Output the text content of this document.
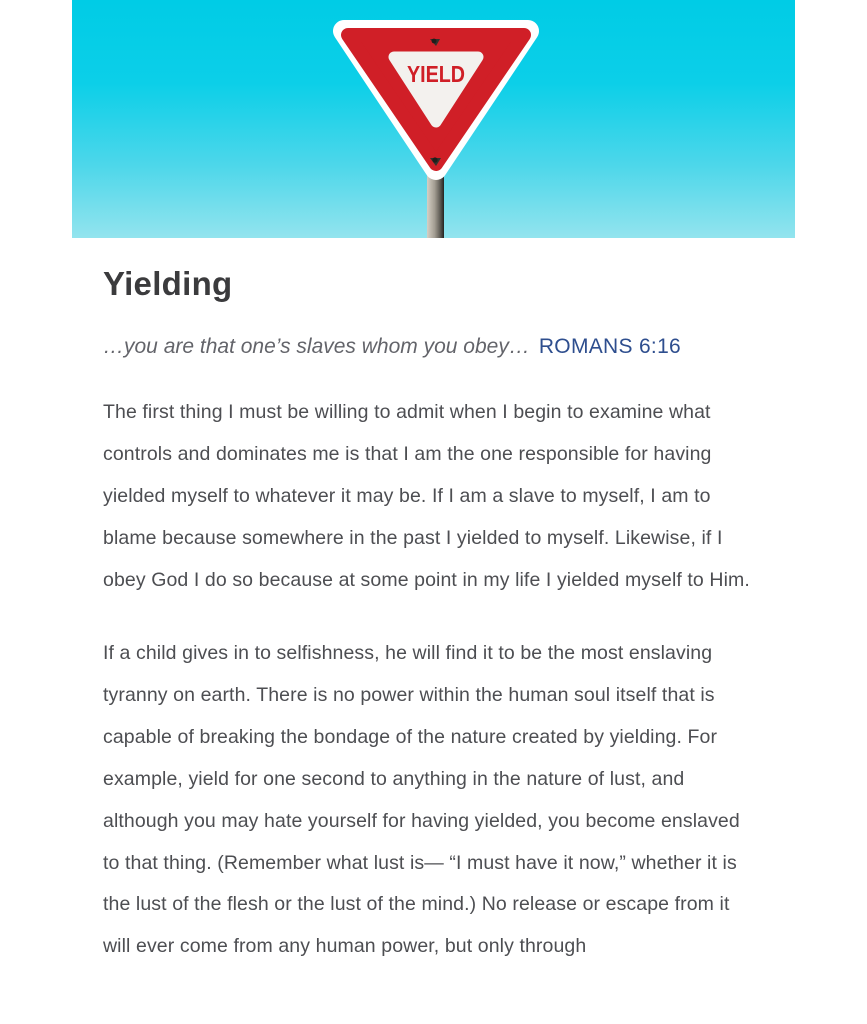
YIELD
Yielding
…you are that one’s slaves whom you obey… ROMANS 6:16

The first thing I must be willing to admit when I begin to examine what controls and dominates me is that I am the one responsible for having yielded myself to whatever it may be. If I am a slave to myself, I am to blame because somewhere in the past I yielded to myself. Likewise, if I obey God I do so because at some point in my life I yielded myself to Him.

If a child gives in to selfishness, he will find it to be the most enslaving tyranny on earth. There is no power within the human soul itself that is capable of breaking the bondage of the nature created by yielding. For example, yield for one second to anything in the nature of lust, and although you may hate yourself for having yielded, you become enslaved to that thing. (Remember what lust is— “I must have it now,” whether it is the lust of the flesh or the lust of the mind.) No release or escape from it will ever come from any human power, but only through
